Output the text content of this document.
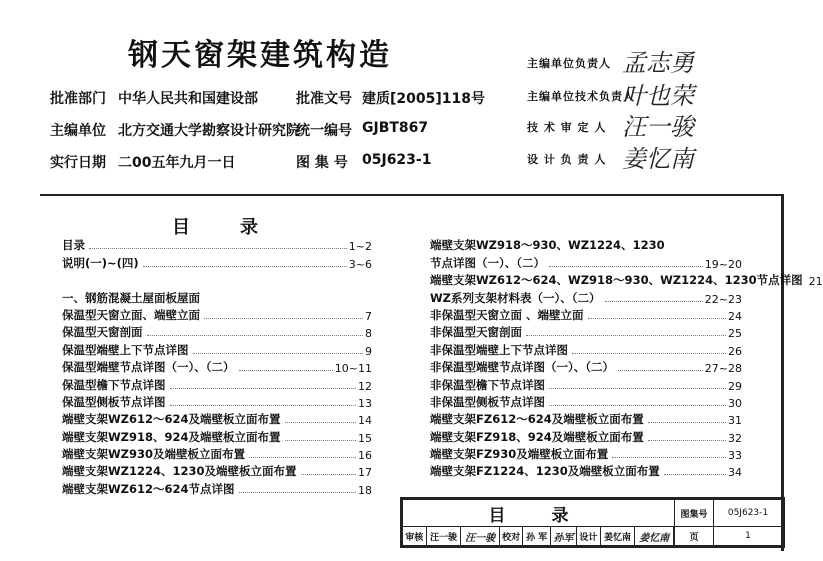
钢天窗架建筑构造
批准部门 中华人民共和国建设部	批准文号 建质[2005]118号
主编单位 北方交通大学勘察设计研究院
统一编号 GJBT867
实行日期 二00五年九月一日	图 集 号 05J623-1
主编单位负责人 孟志勇
主编单位技术负责人
叶也荣
技 术 审 定 人 汪一骏
设 计 负 责 人 姜忆南
目录
目录	1~2
说明(一)~(四)	3~6
一、钢筋混凝土屋面板屋面
保温型天窗立面、端壁立面	7
保温型天窗剖面	8
保温型端壁上下节点详图	9
保温型端壁节点详图（一）、（二）	10~11
保温型檐下节点详图	12
保温型侧板节点详图	13
端壁支架WZ612～624及端壁板立面布置	14
端壁支架WZ918、924及端壁板立面布置	15
端壁支架WZ930及端壁板立面布置	16
端壁支架WZ1224、1230及端壁板立面布置	17
端壁支架WZ612～624节点详图	18
端壁支架WZ918～930、WZ1224、1230
节点详图（一）、（二）	19~20
端壁支架WZ612～624、WZ918～930、WZ1224、1230节点详图 21
WZ系列支架材料表（一）、（二）	22~23
非保温型天窗立面 、端壁立面	24
非保温型天窗剖面	25
非保温型端壁上下节点详图	26
非保温型端壁节点详图（一）、（二）	27~28
非保温型檐下节点详图	29
非保温型侧板节点详图	30
端壁支架FZ612～624及端壁板立面布置	31
端壁支架FZ918、924及端壁板立面布置	32
端壁支架FZ930及端壁板立面布置	33
端壁支架FZ1224、1230及端壁板立面布置	34
目 录									图集号	05J623-1
审核	汪一骏	汪一骏	校对	孙 军	孙军	设计	姜忆南	姜忆南		页	1
